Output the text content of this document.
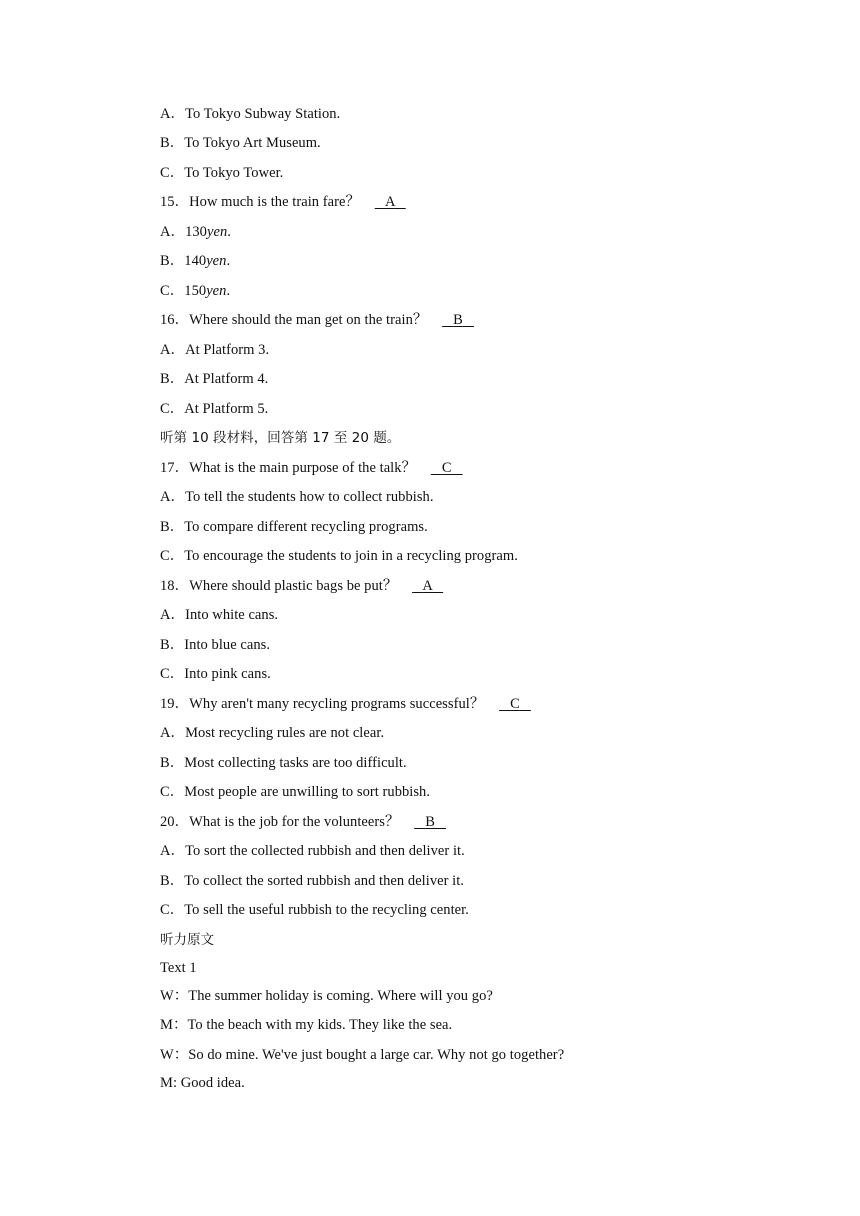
A．To Tokyo Subway Station.
B．To Tokyo Art Museum.
C．To Tokyo Tower.
15．How much is the train fare？ A
A．130yen.
B．140yen.
C．150yen.
16．Where should the man get on the train？ B
A．At Platform 3.
B．At Platform 4.
C．At Platform 5.
听第 10 段材料，回答第 17 至 20 题。
17．What is the main purpose of the talk？ C
A．To tell the students how to collect rubbish.
B．To compare different recycling programs.
C．To encourage the students to join in a recycling program.
18．Where should plastic bags be put？ A
A．Into white cans.
B．Into blue cans.
C．Into pink cans.
19．Why aren't many recycling programs successful？ C
A．Most recycling rules are not clear.
B．Most collecting tasks are too difficult.
C．Most people are unwilling to sort rubbish.
20．What is the job for the volunteers？ B
A．To sort the collected rubbish and then deliver it.
B．To collect the sorted rubbish and then deliver it.
C．To sell the useful rubbish to the recycling center.
听力原文
Text 1
W：The summer holiday is coming. Where will you go?
M：To the beach with my kids. They like the sea.
W：So do mine. We've just bought a large car. Why not go together?
M: Good idea.
